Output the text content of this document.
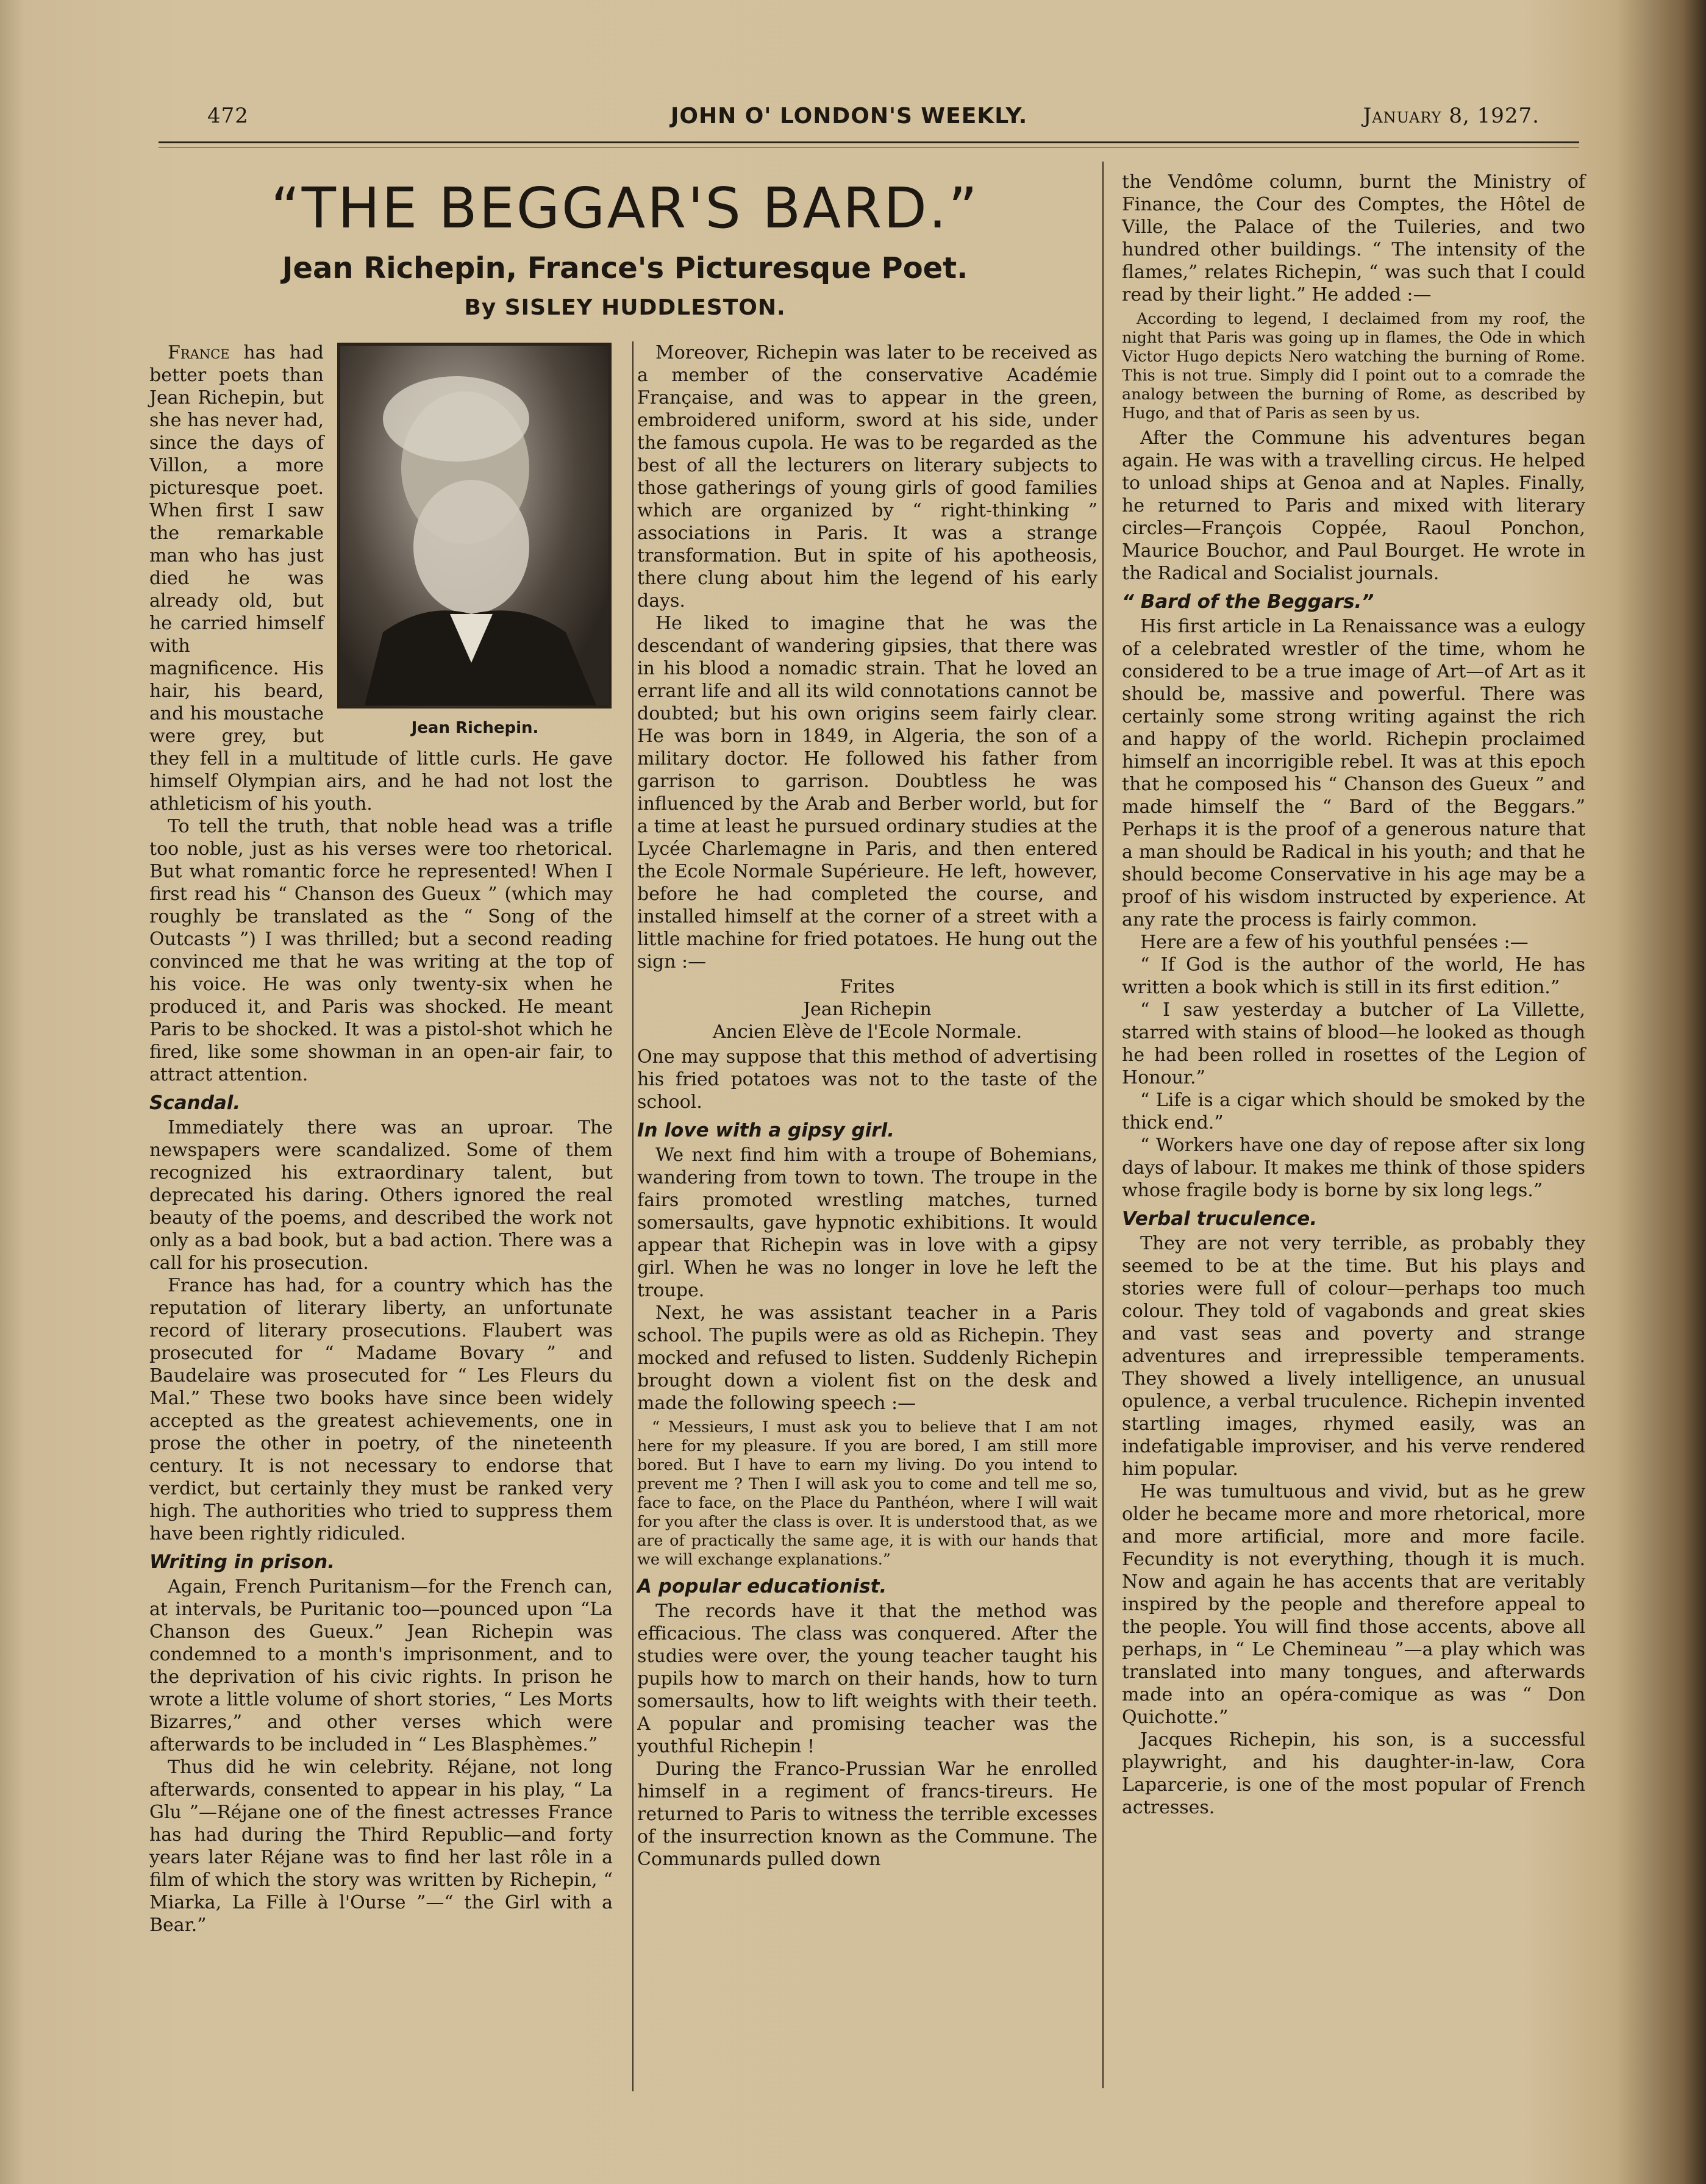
472	JOHN O' LONDON'S WEEKLY.	January 8, 1927.
“THE BEGGAR'S BARD.”
Jean Richepin, France's Picturesque Poet.
By SISLEY HUDDLESTON.
Jean Richepin.

France has had better poets than Jean Richepin, but she has never had, since the days of Villon, a more picturesque poet. When first I saw the remarkable man who has just died he was already old, but he carried himself with magnificence. His hair, his beard, and his moustache were grey, but they fell in a multitude of little curls. He gave himself Olympian airs, and he had not lost the athleticism of his youth.

To tell the truth, that noble head was a trifle too noble, just as his verses were too rhetorical. But what romantic force he represented! When I first read his “ Chanson des Gueux ” (which may roughly be translated as the “ Song of the Outcasts ”) I was thrilled; but a second reading convinced me that he was writing at the top of his voice. He was only twenty-six when he produced it, and Paris was shocked. He meant Paris to be shocked. It was a pistol-shot which he fired, like some showman in an open-air fair, to attract attention.

Scandal.

Immediately there was an uproar. The newspapers were scandalized. Some of them recognized his extraordinary talent, but deprecated his daring. Others ignored the real beauty of the poems, and described the work not only as a bad book, but a bad action. There was a call for his prosecution.

France has had, for a country which has the reputation of literary liberty, an unfortunate record of literary prosecutions. Flaubert was prosecuted for “ Madame Bovary ” and Baudelaire was prosecuted for “ Les Fleurs du Mal.” These two books have since been widely accepted as the greatest achievements, one in prose the other in poetry, of the nineteenth century. It is not necessary to endorse that verdict, but certainly they must be ranked very high. The authorities who tried to suppress them have been rightly ridiculed.

Writing in prison.

Again, French Puritanism—for the French can, at intervals, be Puritanic too—pounced upon “La Chanson des Gueux.” Jean Richepin was condemned to a month's imprisonment, and to the deprivation of his civic rights. In prison he wrote a little volume of short stories, “ Les Morts Bizarres,” and other verses which were afterwards to be included in “ Les Blasphèmes.”

Thus did he win celebrity. Réjane, not long afterwards, consented to appear in his play, “ La Glu ”—Réjane one of the finest actresses France has had during the Third Republic—and forty years later Réjane was to find her last rôle in a film of which the story was written by Richepin, “ Miarka, La Fille à l'Ourse ”—“ the Girl with a Bear.”

Moreover, Richepin was later to be received as a member of the conservative Académie Française, and was to appear in the green, embroidered uniform, sword at his side, under the famous cupola. He was to be regarded as the best of all the lecturers on literary subjects to those gatherings of young girls of good families which are organized by “ right-thinking ” associations in Paris. It was a strange transformation. But in spite of his apotheosis, there clung about him the legend of his early days.

He liked to imagine that he was the descendant of wandering gipsies, that there was in his blood a nomadic strain. That he loved an errant life and all its wild connotations cannot be doubted; but his own origins seem fairly clear. He was born in 1849, in Algeria, the son of a military doctor. He followed his father from garrison to garrison. Doubtless he was influenced by the Arab and Berber world, but for a time at least he pursued ordinary studies at the Lycée Charlemagne in Paris, and then entered the Ecole Normale Supérieure. He left, however, before he had completed the course, and installed himself at the corner of a street with a little machine for fried potatoes. He hung out the sign :—

Frites
Jean Richepin
Ancien Elève de l'Ecole Normale.

One may suppose that this method of advertising his fried potatoes was not to the taste of the school.

In love with a gipsy girl.

We next find him with a troupe of Bohemians, wandering from town to town. The troupe in the fairs promoted wrestling matches, turned somersaults, gave hypnotic exhibitions. It would appear that Richepin was in love with a gipsy girl. When he was no longer in love he left the troupe.

Next, he was assistant teacher in a Paris school. The pupils were as old as Richepin. They mocked and refused to listen. Suddenly Richepin brought down a violent fist on the desk and made the following speech :—

“ Messieurs, I must ask you to believe that I am not here for my pleasure. If you are bored, I am still more bored. But I have to earn my living. Do you intend to prevent me ? Then I will ask you to come and tell me so, face to face, on the Place du Panthéon, where I will wait for you after the class is over. It is understood that, as we are of practically the same age, it is with our hands that we will exchange explanations.”

A popular educationist.

The records have it that the method was efficacious. The class was conquered. After the studies were over, the young teacher taught his pupils how to march on their hands, how to turn somersaults, how to lift weights with their teeth. A popular and promising teacher was the youthful Richepin !

During the Franco-Prussian War he enrolled himself in a regiment of francs-tireurs. He returned to Paris to witness the terrible excesses of the insurrection known as the Commune. The Communards pulled down

the Vendôme column, burnt the Ministry of Finance, the Cour des Comptes, the Hôtel de Ville, the Palace of the Tuileries, and two hundred other buildings. “ The intensity of the flames,” relates Richepin, “ was such that I could read by their light.” He added :—

According to legend, I declaimed from my roof, the night that Paris was going up in flames, the Ode in which Victor Hugo depicts Nero watching the burning of Rome. This is not true. Simply did I point out to a comrade the analogy between the burning of Rome, as described by Hugo, and that of Paris as seen by us.

After the Commune his adventures began again. He was with a travelling circus. He helped to unload ships at Genoa and at Naples. Finally, he returned to Paris and mixed with literary circles—François Coppée, Raoul Ponchon, Maurice Bouchor, and Paul Bourget. He wrote in the Radical and Socialist journals.

“ Bard of the Beggars.”

His first article in La Renaissance was a eulogy of a celebrated wrestler of the time, whom he considered to be a true image of Art—of Art as it should be, massive and powerful. There was certainly some strong writing against the rich and happy of the world. Richepin proclaimed himself an incorrigible rebel. It was at this epoch that he composed his “ Chanson des Gueux ” and made himself the “ Bard of the Beggars.” Perhaps it is the proof of a generous nature that a man should be Radical in his youth; and that he should become Conservative in his age may be a proof of his wisdom instructed by experience. At any rate the process is fairly common.

Here are a few of his youthful pensées :—

“ If God is the author of the world, He has written a book which is still in its first edition.”

“ I saw yesterday a butcher of La Villette, starred with stains of blood—he looked as though he had been rolled in rosettes of the Legion of Honour.”

“ Life is a cigar which should be smoked by the thick end.”

“ Workers have one day of repose after six long days of labour. It makes me think of those spiders whose fragile body is borne by six long legs.”

Verbal truculence.

They are not very terrible, as probably they seemed to be at the time. But his plays and stories were full of colour—perhaps too much colour. They told of vagabonds and great skies and vast seas and poverty and strange adventures and irrepressible temperaments. They showed a lively intelligence, an unusual opulence, a verbal truculence. Richepin invented startling images, rhymed easily, was an indefatigable improviser, and his verve rendered him popular.

He was tumultuous and vivid, but as he grew older he became more and more rhetorical, more and more artificial, more and more facile. Fecundity is not everything, though it is much. Now and again he has accents that are veritably inspired by the people and therefore appeal to the people. You will find those accents, above all perhaps, in “ Le Chemineau ”—a play which was translated into many tongues, and afterwards made into an opéra-comique as was “ Don Quichotte.”

Jacques Richepin, his son, is a successful playwright, and his daughter-in-law, Cora Laparcerie, is one of the most popular of French actresses.
